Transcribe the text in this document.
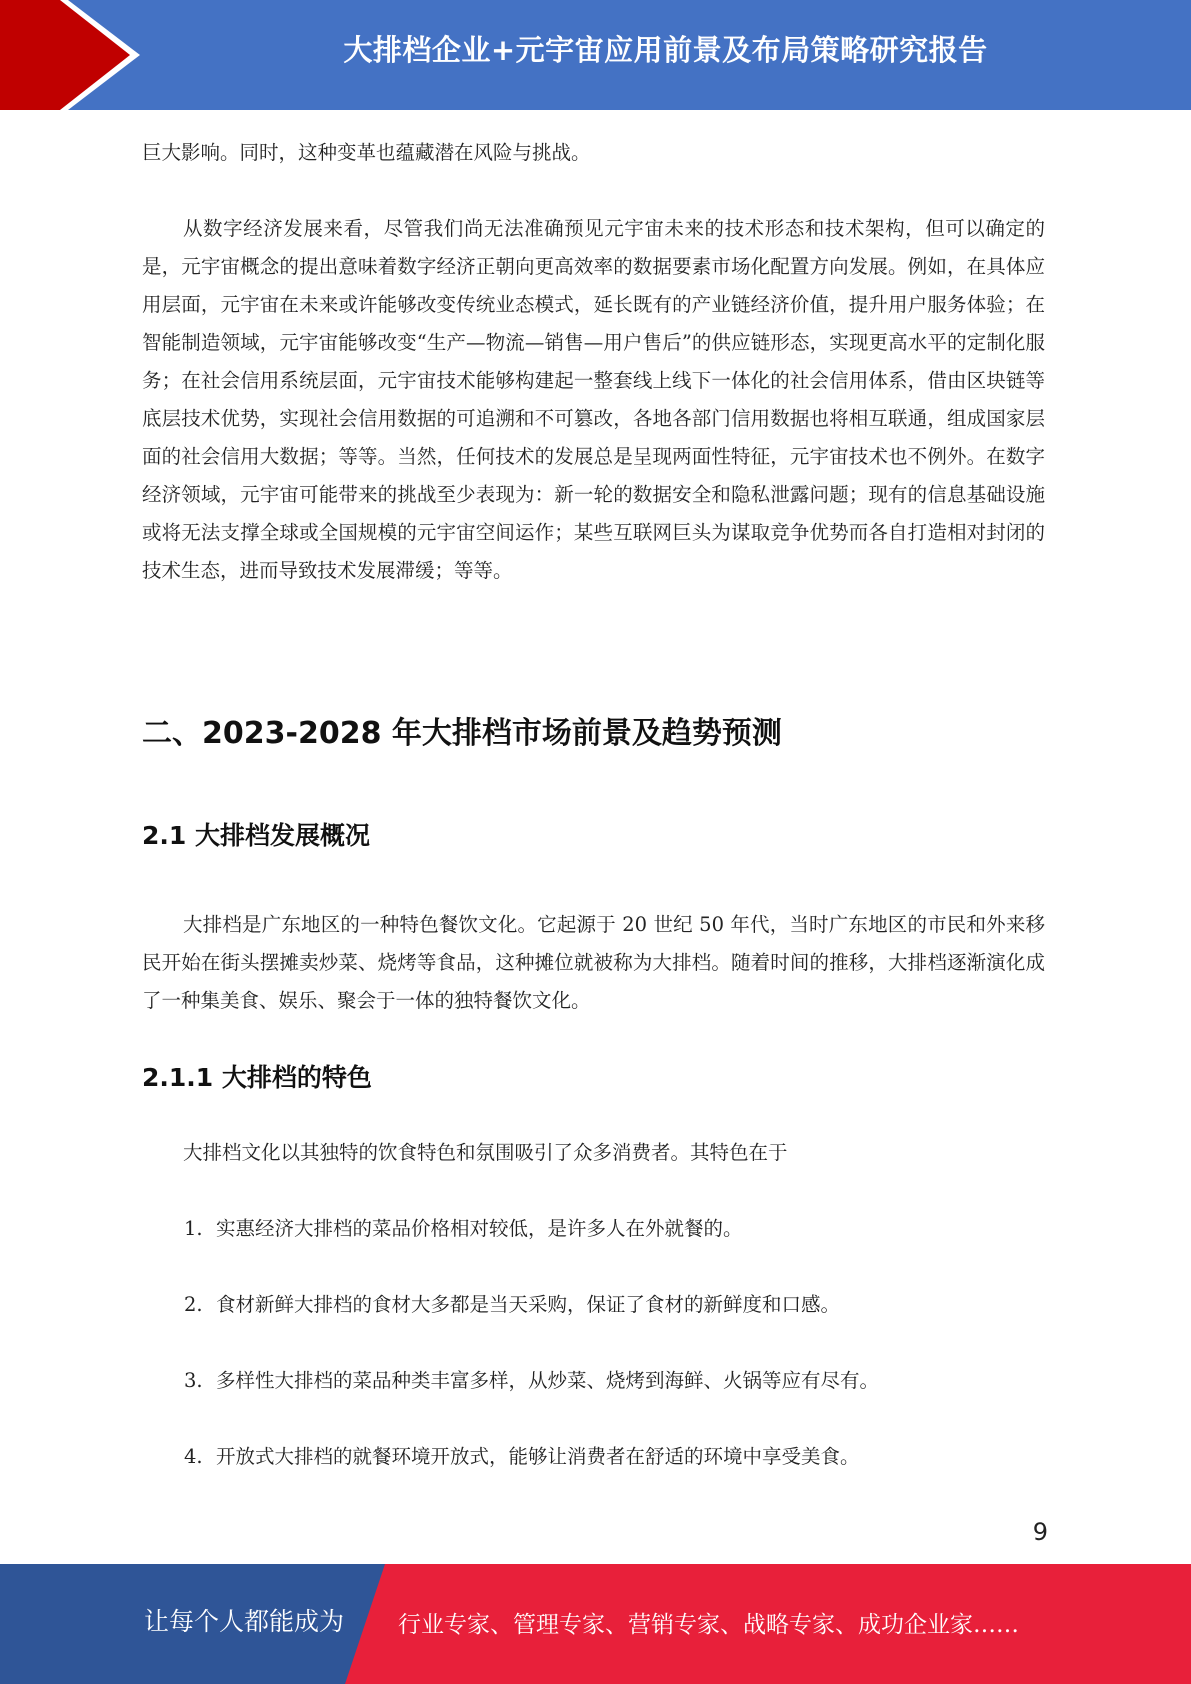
大排档企业+元宇宙应用前景及布局策略研究报告

巨大影响。同时，这种变革也蕴藏潜在风险与挑战。

从数字经济发展来看，尽管我们尚无法准确预见元宇宙未来的技术形态和技术架构，但可以确定的是，元宇宙概念的提出意味着数字经济正朝向更高效率的数据要素市场化配置方向发展。例如，在具体应用层面，元宇宙在未来或许能够改变传统业态模式，延长既有的产业链经济价值，提升用户服务体验；在智能制造领域，元宇宙能够改变“生产—物流—销售—用户售后”的供应链形态，实现更高水平的定制化服务；在社会信用系统层面，元宇宙技术能够构建起一整套线上线下一体化的社会信用体系，借由区块链等底层技术优势，实现社会信用数据的可追溯和不可篡改，各地各部门信用数据也将相互联通，组成国家层面的社会信用大数据；等等。当然，任何技术的发展总是呈现两面性特征，元宇宙技术也不例外。在数字经济领域，元宇宙可能带来的挑战至少表现为：新一轮的数据安全和隐私泄露问题；现有的信息基础设施或将无法支撑全球或全国规模的元宇宙空间运作；某些互联网巨头为谋取竞争优势而各自打造相对封闭的技术生态，进而导致技术发展滞缓；等等。

二、2023-2028 年大排档市场前景及趋势预测
2.1 大排档发展概况

大排档是广东地区的一种特色餐饮文化。它起源于 20 世纪 50 年代，当时广东地区的市民和外来移民开始在街头摆摊卖炒菜、烧烤等食品，这种摊位就被称为大排档。随着时间的推移，大排档逐渐演化成了一种集美食、娱乐、聚会于一体的独特餐饮文化。

2.1.1 大排档的特色

大排档文化以其独特的饮食特色和氛围吸引了众多消费者。其特色在于

1. 实惠经济大排档的菜品价格相对较低，是许多人在外就餐的。

2. 食材新鲜大排档的食材大多都是当天采购，保证了食材的新鲜度和口感。

3. 多样性大排档的菜品种类丰富多样，从炒菜、烧烤到海鲜、火锅等应有尽有。

4. 开放式大排档的就餐环境开放式，能够让消费者在舒适的环境中享受美食。

9
让每个人都能成为 行业专家、管理专家、营销专家、战略专家、成功企业家……
